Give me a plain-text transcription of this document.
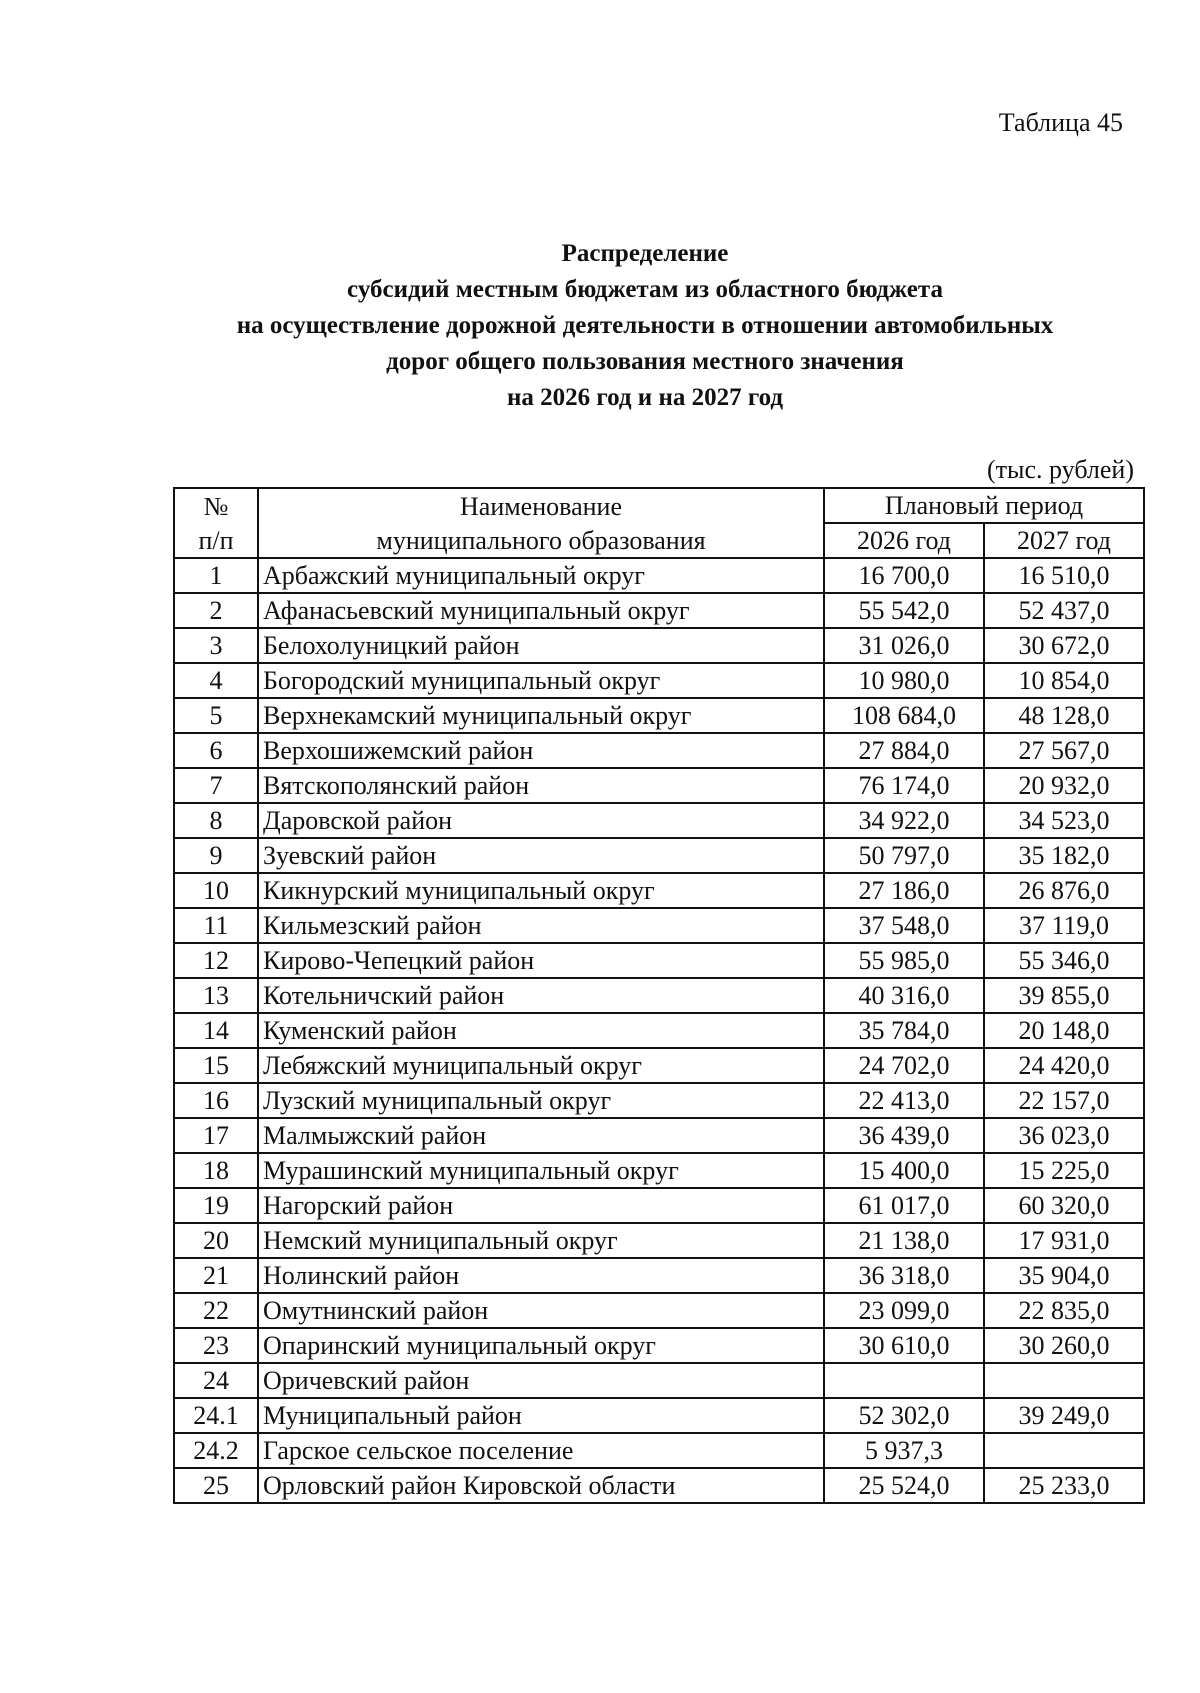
Таблица 45
Распределение
субсидий местным бюджетам из областного бюджета
на осуществление дорожной деятельности в отношении автомобильных
дорог общего пользования местного значения
на 2026 год и на 2027 год
(тыс. рублей)
№	Наименование	Плановый период	
п/п	муниципального образования	2026 год	2027 год
1	Арбажский муниципальный округ	16 700,0	16 510,0
2	Афанасьевский муниципальный округ	55 542,0	52 437,0
3	Белохолуницкий район	31 026,0	30 672,0
4	Богородский муниципальный округ	10 980,0	10 854,0
5	Верхнекамский муниципальный округ	108 684,0	48 128,0
6	Верхошижемский район	27 884,0	27 567,0
7	Вятскополянский район	76 174,0	20 932,0
8	Даровской район	34 922,0	34 523,0
9	Зуевский район	50 797,0	35 182,0
10	Кикнурский муниципальный округ	27 186,0	26 876,0
11	Кильмезский район	37 548,0	37 119,0
12	Кирово-Чепецкий район	55 985,0	55 346,0
13	Котельничский район	40 316,0	39 855,0
14	Куменский район	35 784,0	20 148,0
15	Лебяжский муниципальный округ	24 702,0	24 420,0
16	Лузский муниципальный округ	22 413,0	22 157,0
17	Малмыжский район	36 439,0	36 023,0
18	Мурашинский муниципальный округ	15 400,0	15 225,0
19	Нагорский район	61 017,0	60 320,0
20	Немский муниципальный округ	21 138,0	17 931,0
21	Нолинский район	36 318,0	35 904,0
22	Омутнинский район	23 099,0	22 835,0
23	Опаринский муниципальный округ	30 610,0	30 260,0
24	Оричевский район		
24.1	Муниципальный район	52 302,0	39 249,0
24.2	Гарское сельское поселение	5 937,3	
25	Орловский район Кировской области	25 524,0	25 233,0
